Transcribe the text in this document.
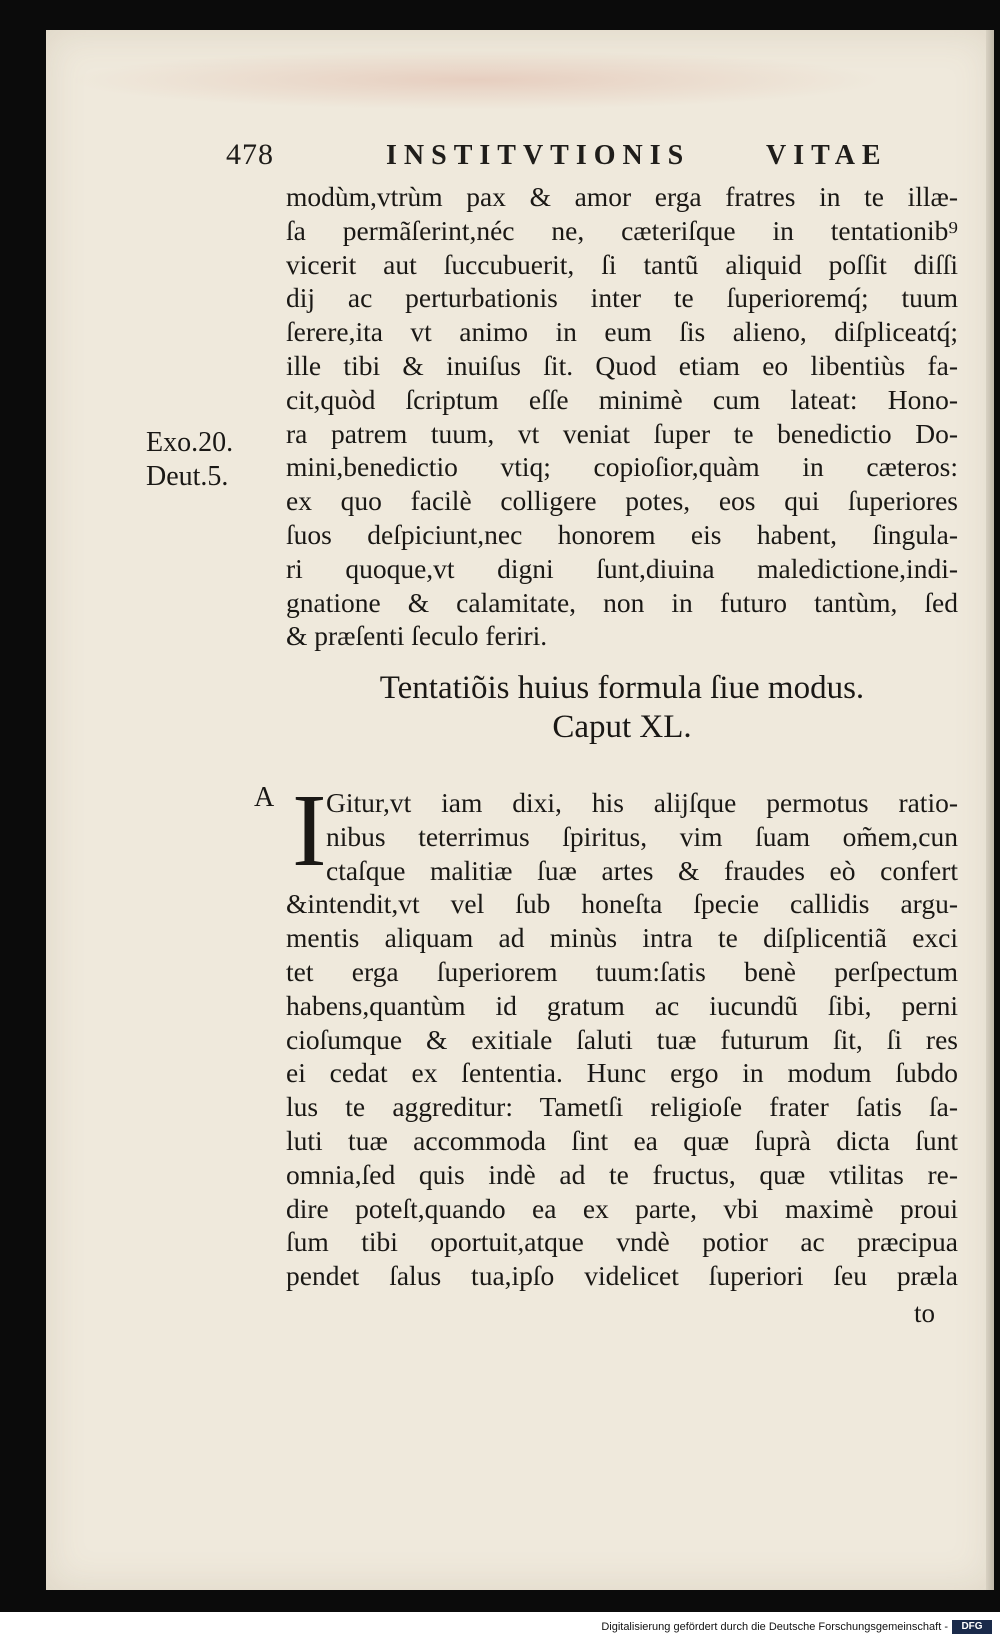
478	INSTITVTIONIS	VITAE
modùm,vtrùm pax & amor erga fratres in te illæ-
ſa permãſerint,néc ne, cæteriſque in tentationib⁹
vicerit aut ſuccubuerit, ſi tantũ aliquid poſſit diſſi
dij ac perturbationis inter te ſuperioremq́; tuum
ſerere,ita vt animo in eum ſis alieno, diſpliceatq́;
ille tibi & inuiſus ſit. Quod etiam eo libentiùs fa-
cit,quòd ſcriptum eſſe minimè cum lateat: Hono-
ra patrem tuum, vt veniat ſuper te benedictio Do-
mini,benedictio vtiq; copioſior,quàm in cæteros:
ex quo facilè colligere potes, eos qui ſuperiores
ſuos deſpiciunt,nec honorem eis habent, ſingula-
ri quoque,vt digni ſunt,diuina maledictione,indi-
gnatione & calamitate, non in futuro tantùm, ſed
& præſenti ſeculo feriri.
Exo.20.
Deut.5.
Tentatiõis huius formula ſiue modus.
Caput XL.
A I Gitur,vt iam dixi, his alijſque permotus ratio-
nibus teterrimus ſpiritus, vim ſuam om̃em,cun
ctaſque malitiæ ſuæ artes & fraudes eò confert
&intendit,vt vel ſub honeſta ſpecie callidis argu-
mentis aliquam ad minùs intra te diſplicentiã exci
tet erga ſuperiorem tuum:ſatis benè perſpectum
habens,quantùm id gratum ac iucundũ ſibi, perni
cioſumque & exitiale ſaluti tuæ futurum ſit, ſi res
ei cedat ex ſententia. Hunc ergo in modum ſubdo
lus te aggreditur: Tametſi religioſe frater ſatis ſa-
luti tuæ accommoda ſint ea quæ ſuprà dicta ſunt
omnia,ſed quis indè ad te fructus, quæ vtilitas re-
dire poteſt,quando ea ex parte, vbi maximè proui
ſum tibi oportuit,atque vndè potior ac præcipua
pendet ſalus tua,ipſo videlicet ſuperiori ſeu præla
to
Digitalisierung gefördert durch die Deutsche Forschungsgemeinschaft -	DFG
